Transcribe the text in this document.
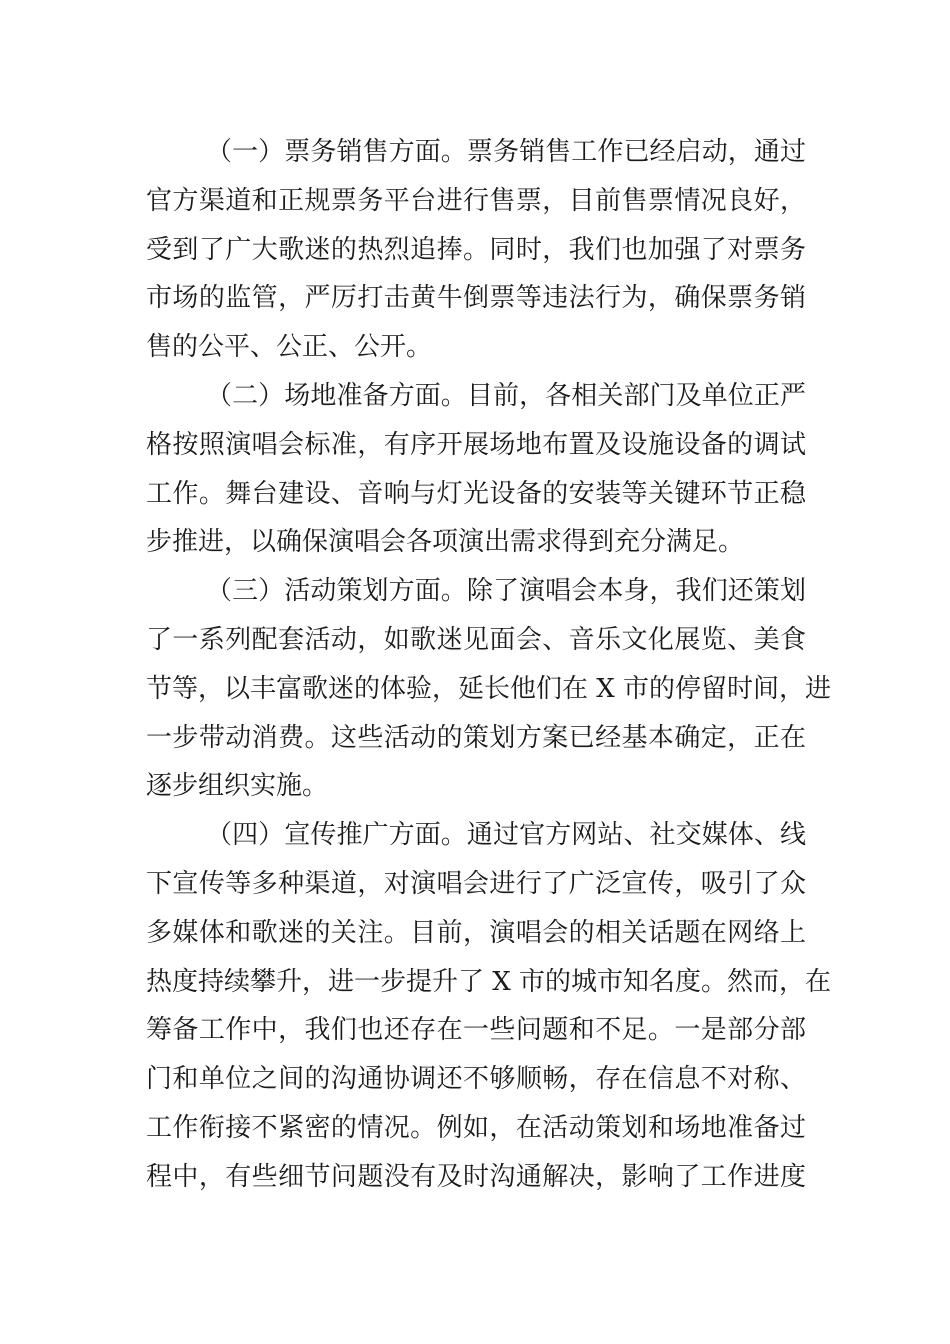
（一）票务销售方面。票务销售工作已经启动，通过
官方渠道和正规票务平台进行售票，目前售票情况良好，
受到了广大歌迷的热烈追捧。同时，我们也加强了对票务
市场的监管，严厉打击黄牛倒票等违法行为，确保票务销
售的公平、公正、公开。
（二）场地准备方面。目前，各相关部门及单位正严
格按照演唱会标准，有序开展场地布置及设施设备的调试
工作。舞台建设、音响与灯光设备的安装等关键环节正稳
步推进，以确保演唱会各项演出需求得到充分满足。
（三）活动策划方面。除了演唱会本身，我们还策划
了一系列配套活动，如歌迷见面会、音乐文化展览、美食
节等，以丰富歌迷的体验，延长他们在 X 市的停留时间，进
一步带动消费。这些活动的策划方案已经基本确定，正在
逐步组织实施。
（四）宣传推广方面。通过官方网站、社交媒体、线
下宣传等多种渠道，对演唱会进行了广泛宣传，吸引了众
多媒体和歌迷的关注。目前，演唱会的相关话题在网络上
热度持续攀升，进一步提升了 X 市的城市知名度。然而，在
筹备工作中，我们也还存在一些问题和不足。一是部分部
门和单位之间的沟通协调还不够顺畅，存在信息不对称、
工作衔接不紧密的情况。例如，在活动策划和场地准备过
程中，有些细节问题没有及时沟通解决，影响了工作进度
